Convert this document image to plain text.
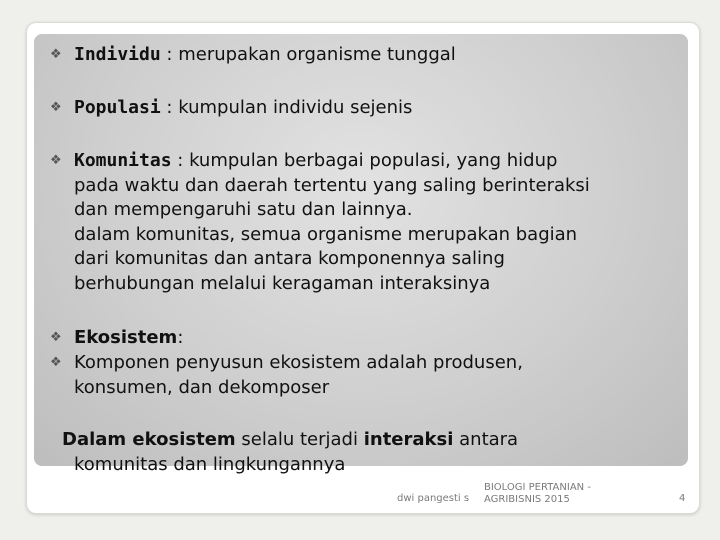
❖ Individu : merupakan organisme tunggal
❖ Populasi : kumpulan individu sejenis
❖ Komunitas : kumpulan berbagai populasi, yang hidup
pada waktu dan daerah tertentu yang saling berinteraksi
dan mempengaruhi satu dan lainnya.
dalam komunitas, semua organisme merupakan bagian
dari komunitas dan antara komponennya saling
berhubungan melalui keragaman interaksinya
❖ Ekosistem:
❖ Komponen penyusun ekosistem adalah produsen,
konsumen, dan dekomposer
Dalam ekosistem selalu terjadi interaksi antara
komunitas dan lingkungannya
dwi pangesti s
BIOLOGI PERTANIAN -
AGRIBISNIS 2015	4
